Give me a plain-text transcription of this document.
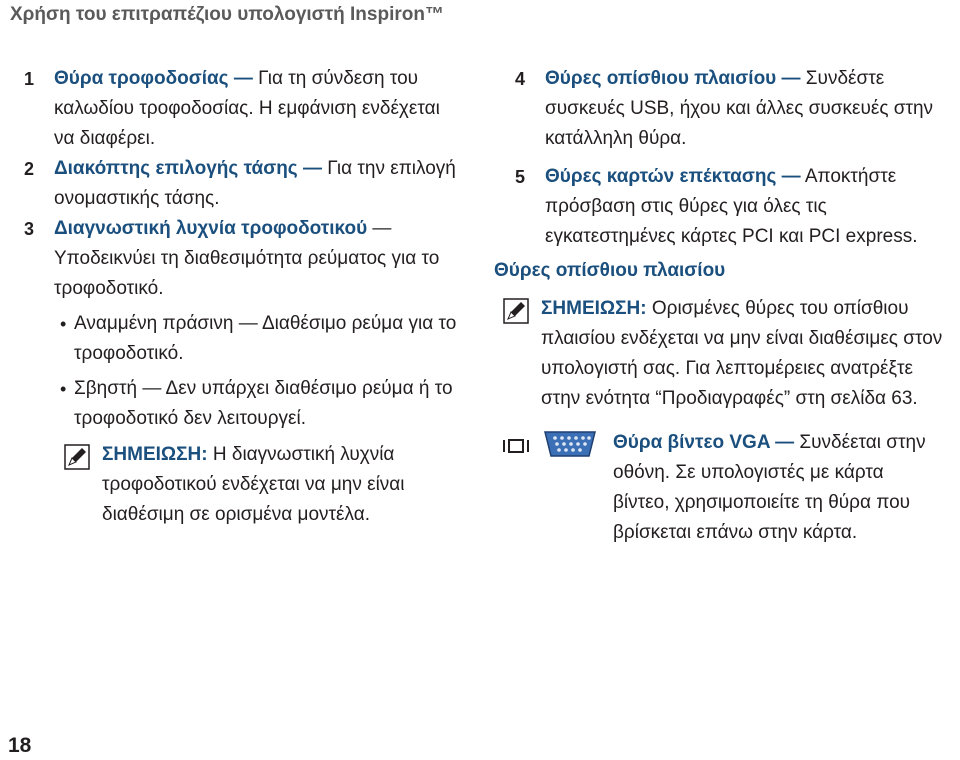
Χρήση του επιτραπέζιου υπολογιστή Inspiron™
1	Θύρα τροφοδοσίας — Για τη σύνδεση του καλωδίου τροφοδοσίας. Η εμφάνιση ενδέχεται να διαφέρει.
2	Διακόπτης επιλογής τάσης — Για την επιλογή ονομαστικής τάσης.
3	Διαγνωστική λυχνία τροφοδοτικού — Υποδεικνύει τη διαθεσιμότητα ρεύματος για το τροφοδοτικό.
• Αναμμένη πράσινη — Διαθέσιμο ρεύμα για το τροφοδοτικό.
• Σβηστή — Δεν υπάρχει διαθέσιμο ρεύμα ή το τροφοδοτικό δεν λειτουργεί.
ΣΗΜΕΙΩΣΗ: Η διαγνωστική λυχνία τροφοδοτικού ενδέχεται να μην είναι διαθέσιμη σε ορισμένα μοντέλα.
4	Θύρες οπίσθιου πλαισίου — Συνδέστε συσκευές USB, ήχου και άλλες συσκευές στην κατάλληλη θύρα.
5	Θύρες καρτών επέκτασης — Αποκτήστε πρόσβαση στις θύρες για όλες τις εγκατεστημένες κάρτες PCI και PCI express.
Θύρες οπίσθιου πλαισίου
ΣΗΜΕΙΩΣΗ: Ορισμένες θύρες του οπίσθιου πλαισίου ενδέχεται να μην είναι διαθέσιμες στον υπολογιστή σας. Για λεπτομέρειες ανατρέξτε στην ενότητα “Προδιαγραφές” στη σελίδα 63.
Θύρα βίντεο VGA — Συνδέεται στην οθόνη. Σε υπολογιστές με κάρτα βίντεο, χρησιμοποιείτε τη θύρα που βρίσκεται επάνω στην κάρτα.
18
